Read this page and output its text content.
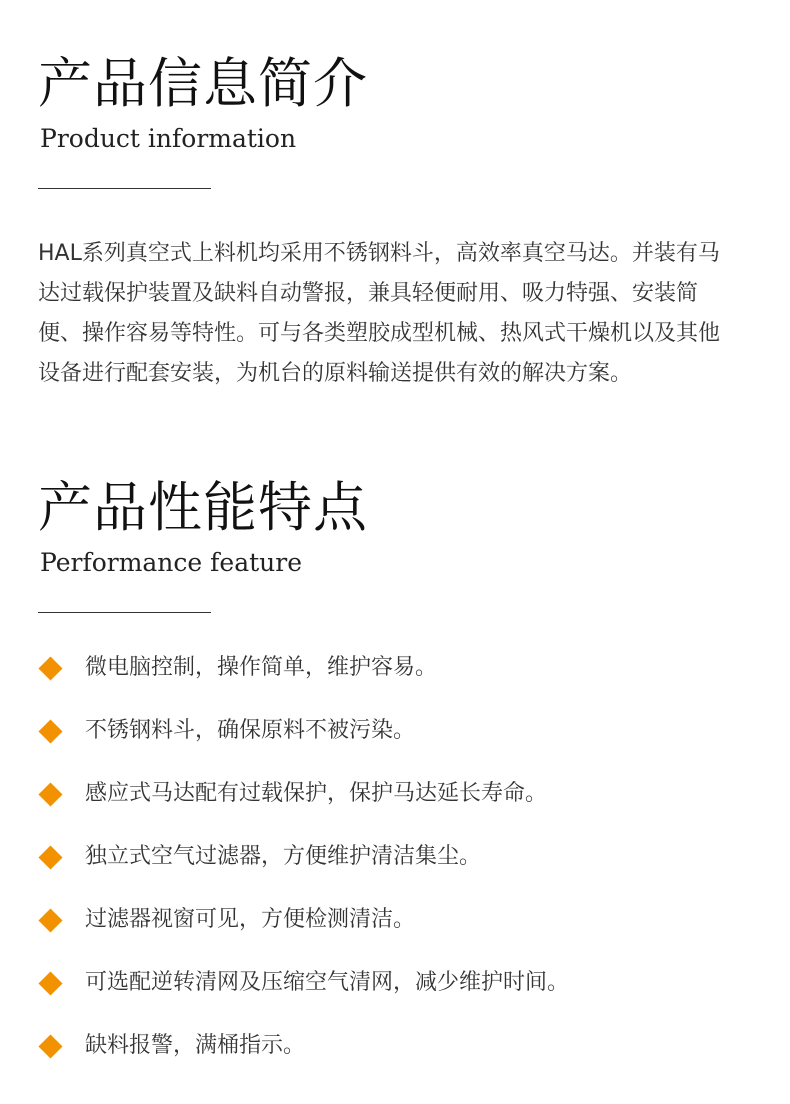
产品信息简介
Product information

HAL系列真空式上料机均采用不锈钢料斗，高效率真空马达。并装有马达过载保护装置及缺料自动警报，兼具轻便耐用、吸力特强、安装简便、操作容易等特性。可与各类塑胶成型机械、热风式干燥机以及其他设备进行配套安装，为机台的原料输送提供有效的解决方案。

产品性能特点
Performance feature
微电脑控制，操作简单，维护容易。
不锈钢料斗，确保原料不被污染。
感应式马达配有过载保护，保护马达延长寿命。
独立式空气过滤器，方便维护清洁集尘。
过滤器视窗可见，方便检测清洁。
可选配逆转清网及压缩空气清网，减少维护时间。
缺料报警，满桶指示。
